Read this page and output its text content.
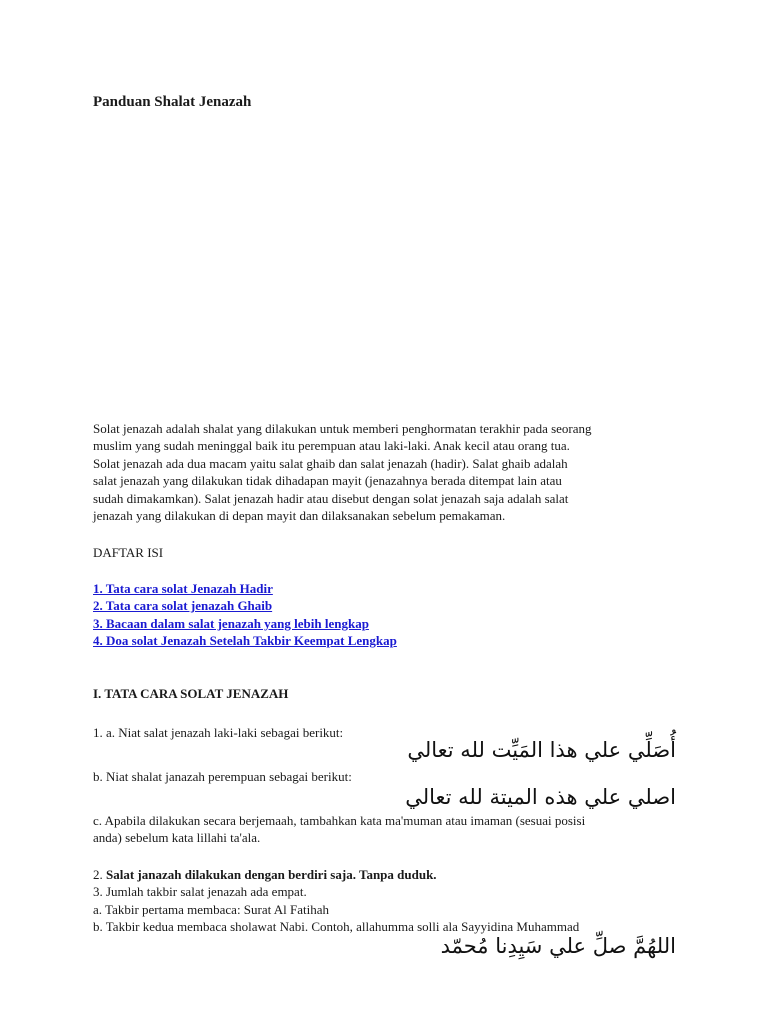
Panduan Shalat Jenazah

Solat jenazah adalah shalat yang dilakukan untuk memberi penghormatan terakhir pada seorang
muslim yang sudah meninggal baik itu perempuan atau laki-laki. Anak kecil atau orang tua.
Solat jenazah ada dua macam yaitu salat ghaib dan salat jenazah (hadir). Salat ghaib adalah
salat jenazah yang dilakukan tidak dihadapan mayit (jenazahnya berada ditempat lain atau
sudah dimakamkan). Salat jenazah hadir atau disebut dengan solat jenazah saja adalah salat
jenazah yang dilakukan di depan mayit dan dilaksanakan sebelum pemakaman.

DAFTAR ISI

1. Tata cara solat Jenazah Hadir
2. Tata cara solat jenazah Ghaib
3. Bacaan dalam salat jenazah yang lebih lengkap
4. Doa solat Jenazah Setelah Takbir Keempat Lengkap
I. TATA CARA SOLAT JENAZAH

1. a. Niat salat jenazah laki-laki sebagai berikut:

أُصَلِّي علي هذا المَيِّت لله تعالي

b. Niat shalat janazah perempuan sebagai berikut:

اصلي علي هذه الميتة لله تعالي

c. Apabila dilakukan secara berjemaah, tambahkan kata ma'muman atau imaman (sesuai posisi
anda) sebelum kata lillahi ta'ala.

2. Salat janazah dilakukan dengan berdiri saja. Tanpa duduk.

3. Jumlah takbir salat jenazah ada empat.

a. Takbir pertama membaca: Surat Al Fatihah

b. Takbir kedua membaca sholawat Nabi. Contoh, allahumma solli ala Sayyidina Muhammad

اللهُمَّ صلِّ علي سَيِدِنا مُحمّد
